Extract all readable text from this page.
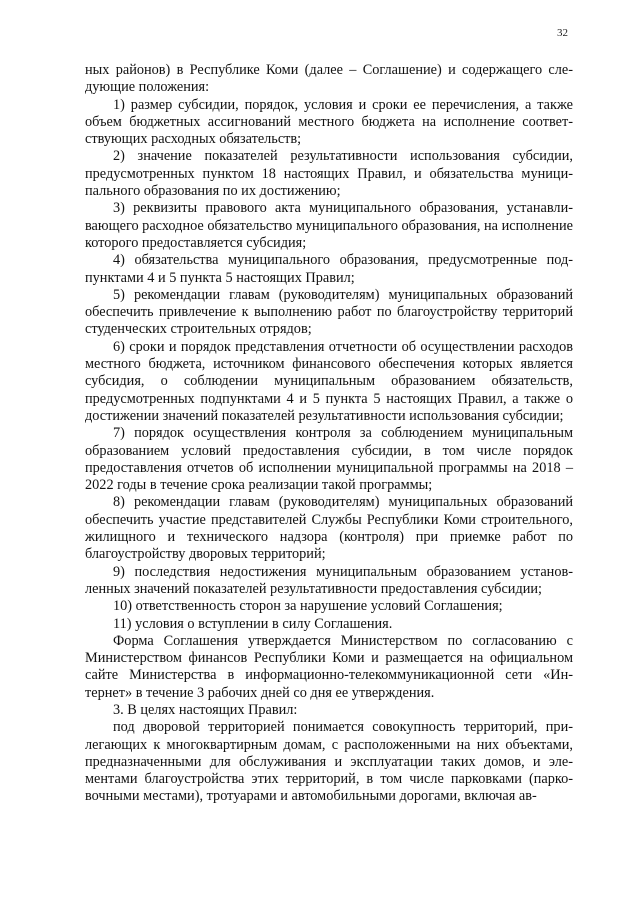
32

ных районов) в Республике Коми (далее – Соглашение) и содержащего следующие положения:

1) размер субсидии, порядок, условия и сроки ее перечисления, а также объем бюджетных ассигнований местного бюджета на исполнение соответствующих расходных обязательств;

2) значение показателей результативности использования субсидии, предусмотренных пунктом 18 настоящих Правил, и обязательства муниципального образования по их достижению;

3) реквизиты правового акта муниципального образования, устанавливающего расходное обязательство муниципального образования, на исполнение которого предоставляется субсидия;

4) обязательства муниципального образования, предусмотренные подпунктами 4 и 5 пункта 5 настоящих Правил;

5) рекомендации главам (руководителям) муниципальных образований обеспечить привлечение к выполнению работ по благоустройству территорий студенческих строительных отрядов;

6) сроки и порядок представления отчетности об осуществлении расходов местного бюджета, источником финансового обеспечения которых является субсидия, о соблюдении муниципальным образованием обязательств, предусмотренных подпунктами 4 и 5 пункта 5 настоящих Правил, а также о достижении значений показателей результативности использования субсидии;

7) порядок осуществления контроля за соблюдением муниципальным образованием условий предоставления субсидии, в том числе порядок предоставления отчетов об исполнении муниципальной программы на 2018 – 2022 годы в течение срока реализации такой программы;

8) рекомендации главам (руководителям) муниципальных образований обеспечить участие представителей Службы Республики Коми строительного, жилищного и технического надзора (контроля) при приемке работ по благоустройству дворовых территорий;

9) последствия недостижения муниципальным образованием установленных значений показателей результативности предоставления субсидии;

10) ответственность сторон за нарушение условий Соглашения;

11) условия о вступлении в силу Соглашения.

Форма Соглашения утверждается Министерством по согласованию с Министерством финансов Республики Коми и размещается на официальном сайте Министерства в информационно-телекоммуникационной сети «Интернет» в течение 3 рабочих дней со дня ее утверждения.

3. В целях настоящих Правил:

под дворовой территорией понимается совокупность территорий, прилегающих к многоквартирным домам, с расположенными на них объектами, предназначенными для обслуживания и эксплуатации таких домов, и элементами благоустройства этих территорий, в том числе парковками (парковочными местами), тротуарами и автомобильными дорогами, включая ав-
